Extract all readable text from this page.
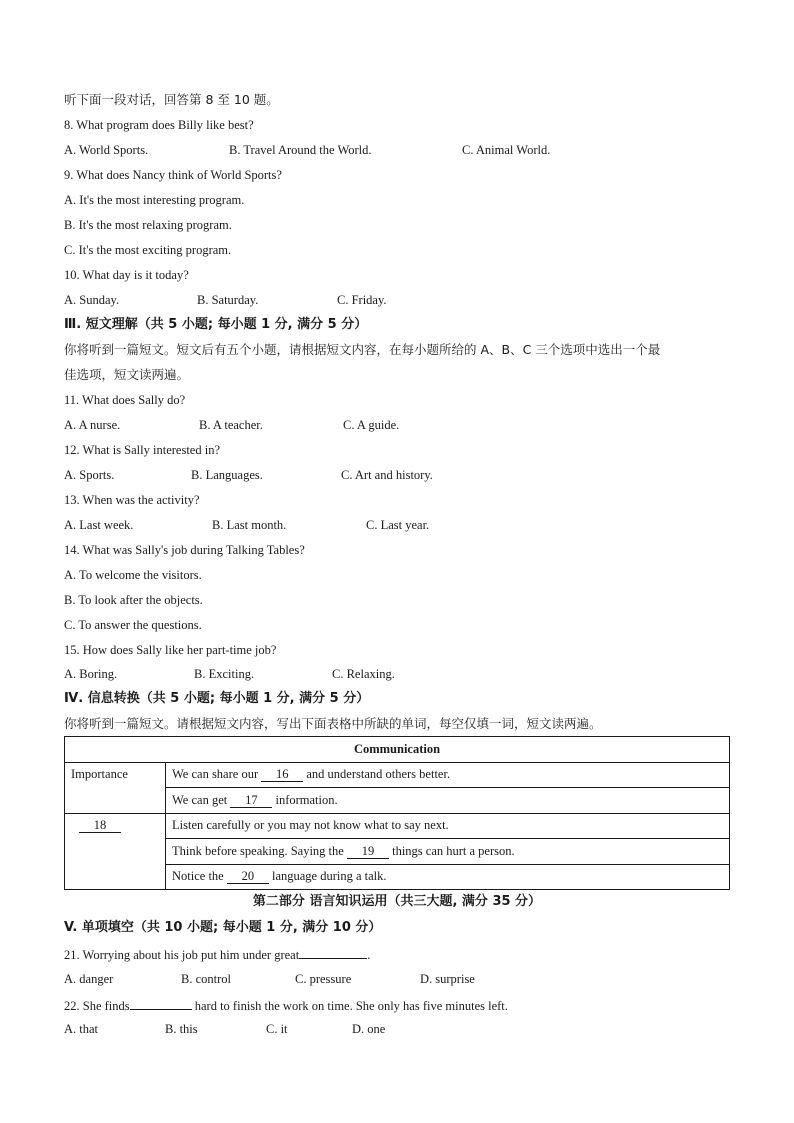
听下面一段对话，回答第 8 至 10 题。
8. What program does Billy like best?
A. World Sports.	B. Travel Around the World.	C. Animal World.
9. What does Nancy think of World Sports?
A. It's the most interesting program.
B. It's the most relaxing program.
C. It's the most exciting program.
10. What day is it today?
A. Sunday.	B. Saturday.	C. Friday.
Ⅲ. 短文理解（共 5 小题; 每小题 1 分, 满分 5 分）
你将听到一篇短文。短文后有五个小题，请根据短文内容，在每小题所给的 A、B、C 三个选项中选出一个最
佳选项，短文读两遍。
11. What does Sally do?
A. A nurse.	B. A teacher.	C. A guide.
12. What is Sally interested in?
A. Sports.	B. Languages.	C. Art and history.
13. When was the activity?
A. Last week.	B. Last month.	C. Last year.
14. What was Sally's job during Talking Tables?
A. To welcome the visitors.
B. To look after the objects.
C. To answer the questions.
15. How does Sally like her part-time job?
A. Boring.	B. Exciting.	C. Relaxing.
Ⅳ. 信息转换（共 5 小题; 每小题 1 分, 满分 5 分）
你将听到一篇短文。请根据短文内容，写出下面表格中所缺的单词，每空仅填一词，短文读两遍。
Communication	
Importance	We can share our 16 and understand others better.
	We can get 17 information.
18	Listen carefully or you may not know what to say next.
	Think before speaking. Saying the 19 things can hurt a person.
	Notice the 20 language during a talk.
第二部分 语言知识运用（共三大题, 满分 35 分）
V. 单项填空（共 10 小题; 每小题 1 分, 满分 10 分）
21. Worrying about his job put him under great	.
A. danger	B. control	C. pressure	D. surprise
22. She finds	hard to finish the work on time. She only has five minutes left.
A. that	B. this	C. it	D. one
